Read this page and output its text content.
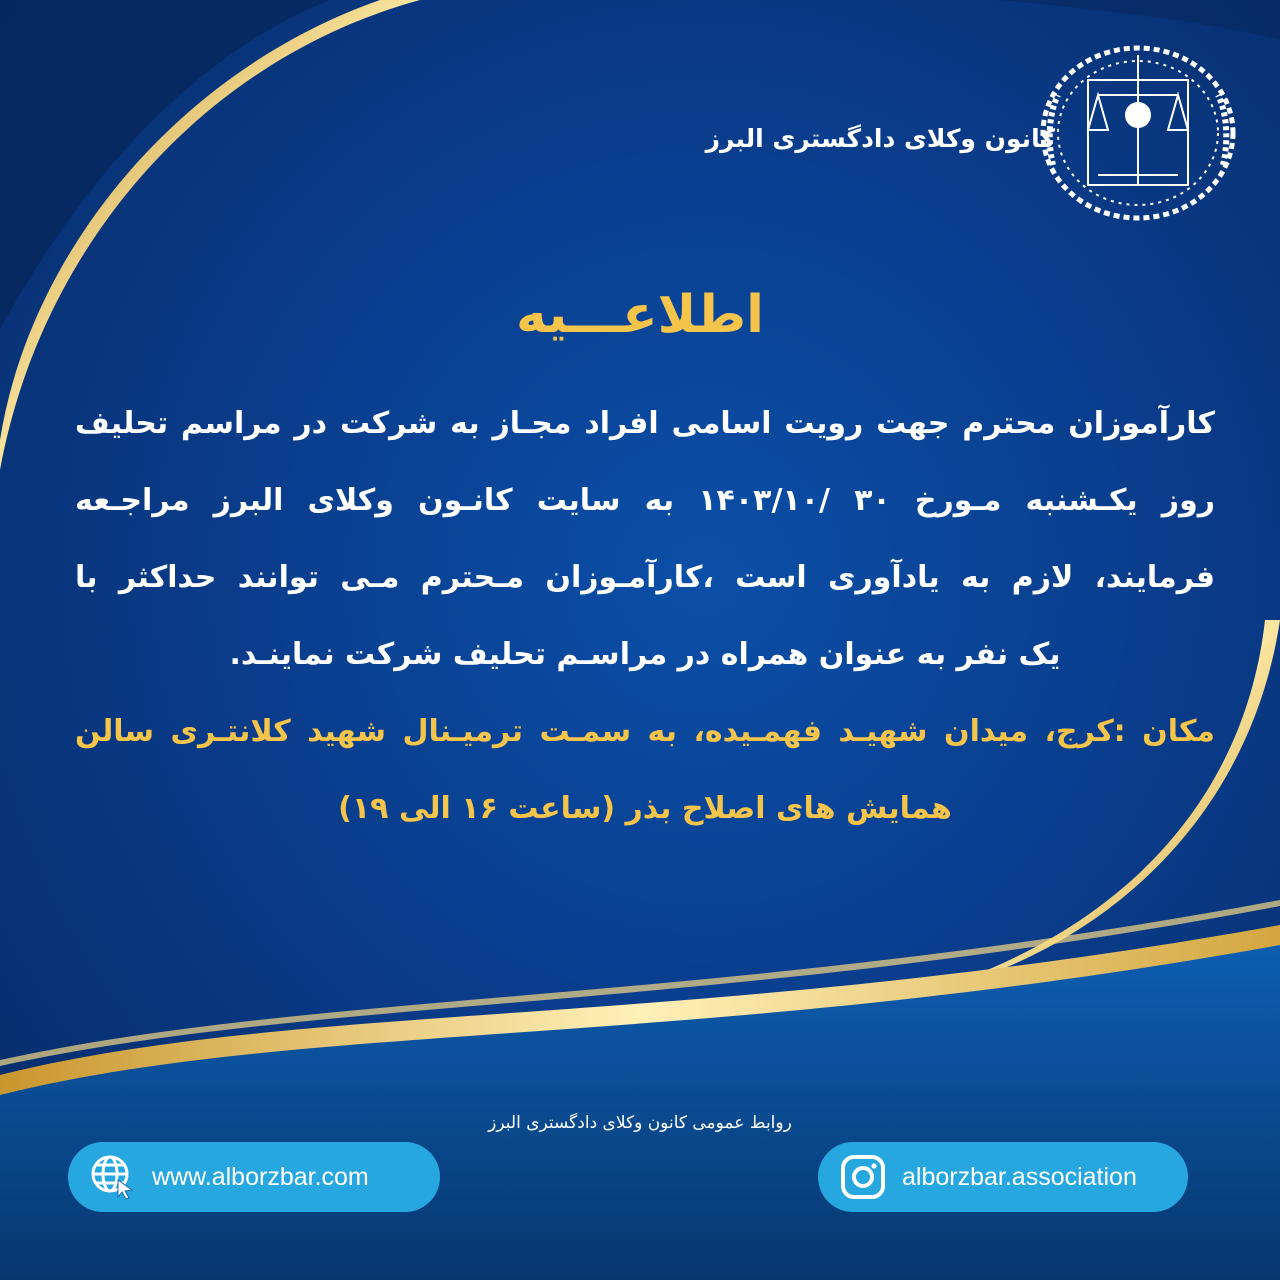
کانون وکلای دادگستری البرز
اطلاعـــیه
کارآموزان محترم جهت رویت اسامی افراد مجـاز به شرکت در مراسم تحلیف
روز یکـشنبه مـورخ ۳۰ /۱۴۰۳/۱۰ به سایت کانـون وکلای البرز مراجـعه
فرمایند، لازم به یادآوری است ،کارآمـوزان مـحترم مـی توانند حداکثر با
یک نفر به عنوان همراه در مراسـم تحلیف شرکت نماینـد.
مکان :کرج، میدان شهیـد فهمـیده، به سمـت ترمیـنال شهید کلانتـری سالن
همایش های اصلاح بذر (ساعت ۱۶ الی ۱۹)
روابط عمومی کانون وکلای دادگستری البرز
www.alborzbar.com	alborzbar.association
